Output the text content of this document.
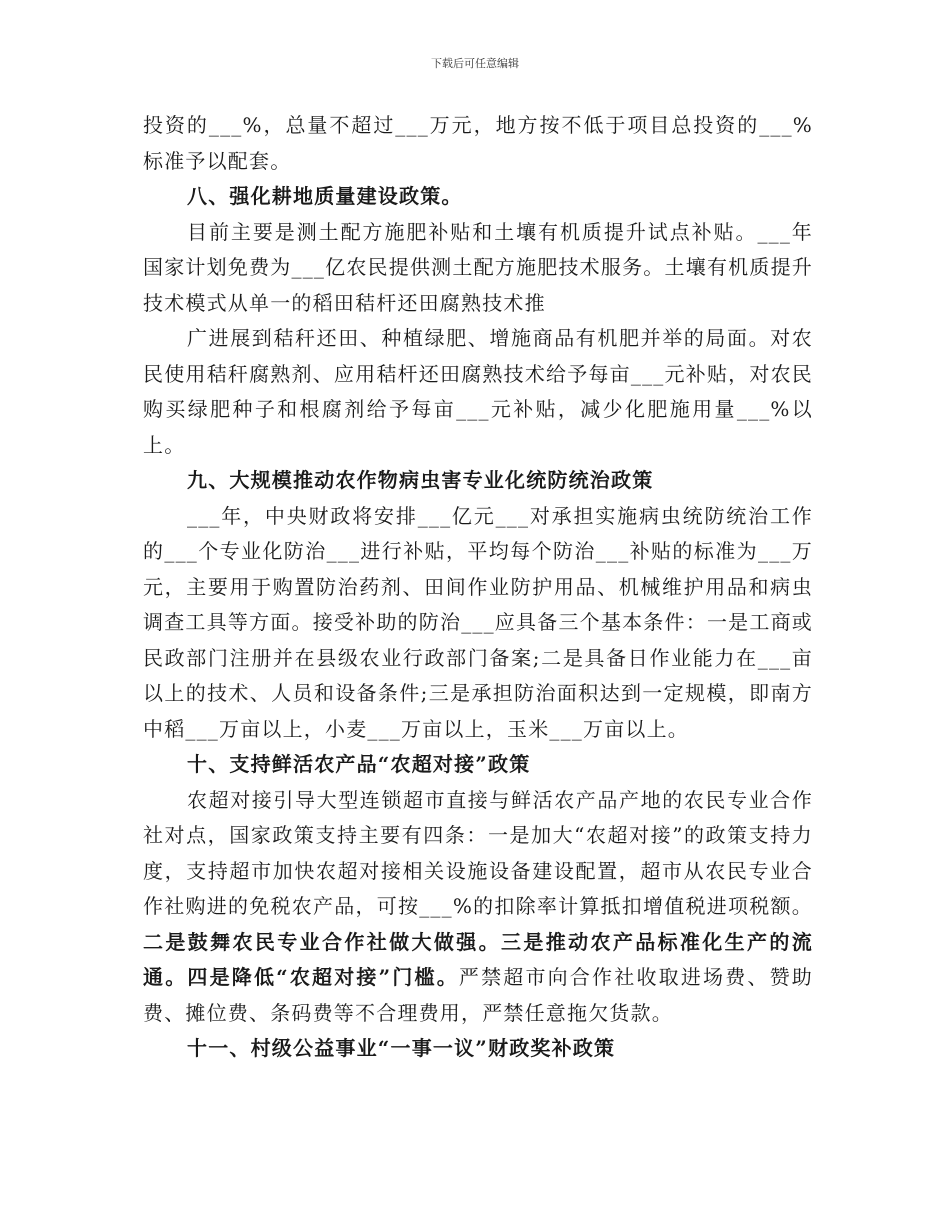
下载后可任意编辑

投资的___%，总量不超过___万元，地方按不低于项目总投资的___%标准予以配套。

八、强化耕地质量建设政策。

目前主要是测土配方施肥补贴和土壤有机质提升试点补贴。___年国家计划免费为___亿农民提供测土配方施肥技术服务。土壤有机质提升技术模式从单一的稻田秸杆还田腐熟技术推

广进展到秸秆还田、种植绿肥、增施商品有机肥并举的局面。对农民使用秸秆腐熟剂、应用秸杆还田腐熟技术给予每亩___元补贴，对农民购买绿肥种子和根腐剂给予每亩___元补贴，减少化肥施用量___%以上。

九、大规模推动农作物病虫害专业化统防统治政策

___年，中央财政将安排___亿元___对承担实施病虫统防统治工作的___个专业化防治___进行补贴，平均每个防治___补贴的标准为___万元，主要用于购置防治药剂、田间作业防护用品、机械维护用品和病虫调查工具等方面。接受补助的防治___应具备三个基本条件：一是工商或民政部门注册并在县级农业行政部门备案;二是具备日作业能力在___亩以上的技术、人员和设备条件;三是承担防治面积达到一定规模，即南方中稻___万亩以上，小麦___万亩以上，玉米___万亩以上。

十、支持鲜活农产品“农超对接”政策

农超对接引导大型连锁超市直接与鲜活农产品产地的农民专业合作社对点，国家政策支持主要有四条：一是加大“农超对接”的政策支持力度，支持超市加快农超对接相关设施设备建设配置，超市从农民专业合作社购进的免税农产品，可按___%的扣除率计算抵扣增值税进项税额。二是鼓舞农民专业合作社做大做强。三是推动农产品标准化生产的流通。四是降低“农超对接”门槛。严禁超市向合作社收取进场费、赞助费、摊位费、条码费等不合理费用，严禁任意拖欠货款。

十一、村级公益事业“一事一议”财政奖补政策
